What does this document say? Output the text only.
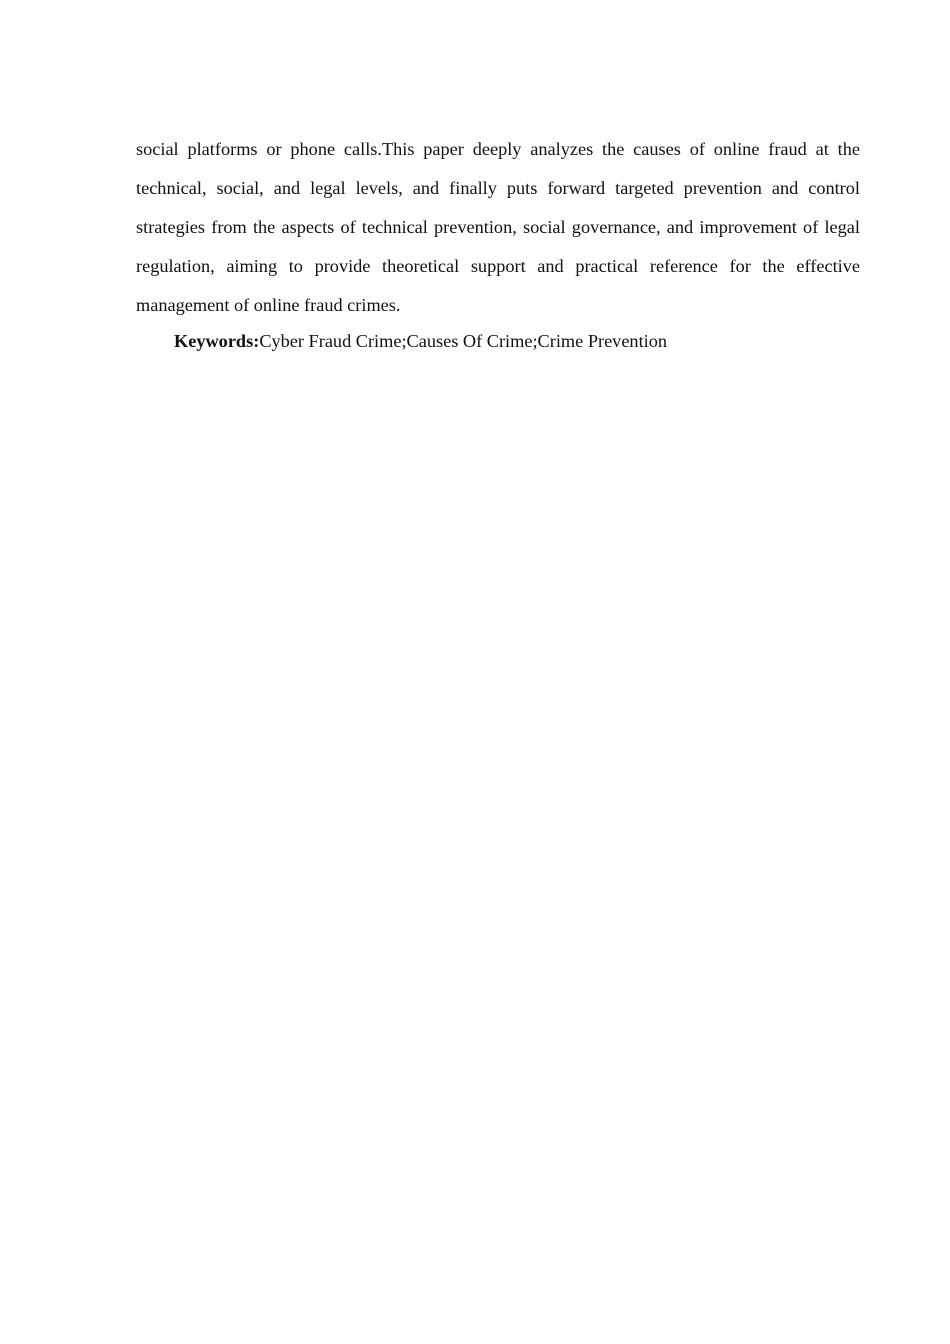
social platforms or phone calls.This paper deeply analyzes the causes of online fraud at the technical, social, and legal levels, and finally puts forward targeted prevention and control strategies from the aspects of technical prevention, social governance, and improvement of legal regulation, aiming to provide theoretical support and practical reference for the effective management of online fraud crimes.

Keywords:Cyber Fraud Crime;Causes Of Crime;Crime Prevention
